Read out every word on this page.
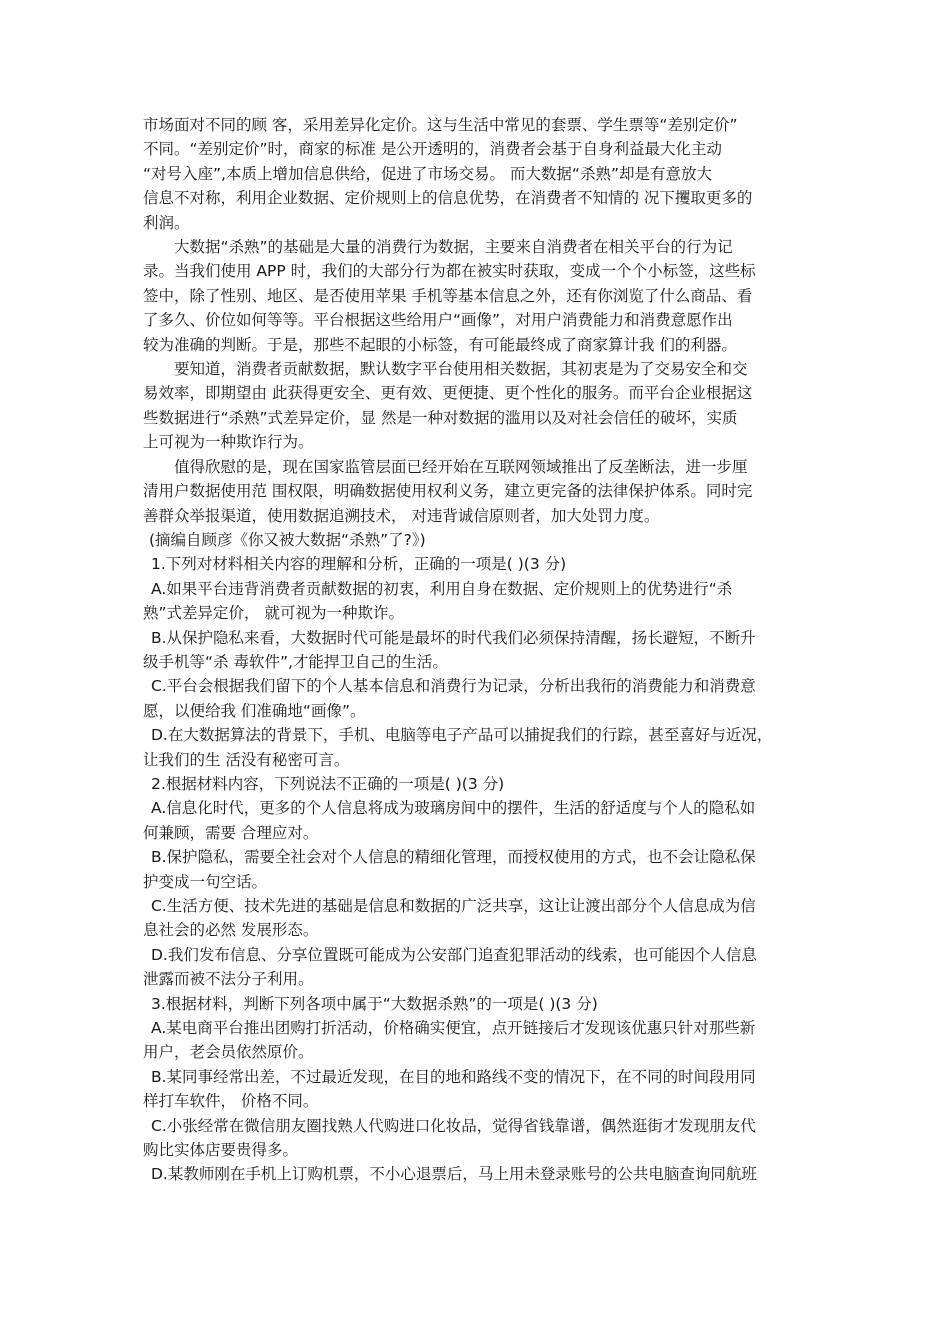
市场面对不同的顾 客，采用差异化定价。这与生活中常见的套票、学生票等“差别定价”
不同。“差别定价”时，商家的标准 是公开透明的，消费者会基于自身利益最大化主动
“对号入座”,本质上增加信息供给，促进了市场交易。 而大数据“杀熟”却是有意放大
信息不对称，利用企业数据、定价规则上的信息优势，在消费者不知情的 况下攫取更多的
利润。
大数据“杀熟”的基础是大量的消费行为数据，主要来自消费者在相关平台的行为记
录。当我们使用 APP 时，我们的大部分行为都在被实时获取，变成一个个小标签，这些标
签中，除了性别、地区、是否使用苹果 手机等基本信息之外，还有你浏览了什么商品、看
了多久、价位如何等等。平台根据这些给用户“画像”，对用户消费能力和消费意愿作出
较为准确的判断。于是，那些不起眼的小标签，有可能最终成了商家算计我 们的利器。
要知道，消费者贡献数据，默认数字平台使用相关数据，其初衷是为了交易安全和交
易效率，即期望由 此获得更安全、更有效、更便捷、更个性化的服务。而平台企业根据这
些数据进行“杀熟”式差异定价，显 然是一种对数据的滥用以及对社会信任的破坏，实质
上可视为一种欺诈行为。
值得欣慰的是，现在国家监管层面已经开始在互联网领域推出了反垄断法，进一步厘
清用户数据使用范 围权限，明确数据使用权利义务，建立更完备的法律保护体系。同时完
善群众举报渠道，使用数据追溯技术， 对违背诚信原则者，加大处罚力度。
(摘编自顾彦《你又被大数据“杀熟”了?》)
1.下列对材料相关内容的理解和分析，正确的一项是( )(3 分)
A.如果平台违背消费者贡献数据的初衷，利用自身在数据、定价规则上的优势进行“杀
熟”式差异定价， 就可视为一种欺诈。
B.从保护隐私来看，大数据时代可能是最坏的时代我们必须保持清醒，扬长避短，不断升
级手机等“杀 毒软件”,才能捍卫自己的生活。
C.平台会根据我们留下的个人基本信息和消费行为记录，分析出我衎的消费能力和消费意
愿，以便给我 们准确地“画像”。
D.在大数据算法的背景下，手机、电脑等电子产品可以捕捉我们的行踪，甚至喜好与近况，
让我们的生 活没有秘密可言。
2.根据材料内容，下列说法不正确的一项是( )(3 分)
A.信息化时代，更多的个人信息将成为玻璃房间中的摆件，生活的舒适度与个人的隐私如
何兼顾，需要 合理应对。
B.保护隐私，需要全社会对个人信息的精细化管理，而授权使用的方式，也不会让隐私保
护变成一句空话。
C.生活方便、技术先进的基础是信息和数据的广泛共享，这让让渡出部分个人信息成为信
息社会的必然 发展形态。
D.我们发布信息、分享位置既可能成为公安部门追查犯罪活动的线索，也可能因个人信息
泄露而被不法分子利用。
3.根据材料，判断下列各项中属于“大数据杀熟”的一项是( )(3 分)
A.某电商平台推出团购打折活动，价格确实便宜，点开链接后才发现该优惠只针对那些新
用户，老会员依然原价。
B.某同事经常出差，不过最近发现，在目的地和路线不变的情况下，在不同的时间段用同
样打车软件， 价格不同。
C.小张经常在微信朋友圈找熟人代购进口化妆品，觉得省钱靠谱，偶然逛街才发现朋友代
购比实体店要贵得多。
D.某教师刚在手机上订购机票，不小心退票后，马上用未登录账号的公共电脑查询同航班
